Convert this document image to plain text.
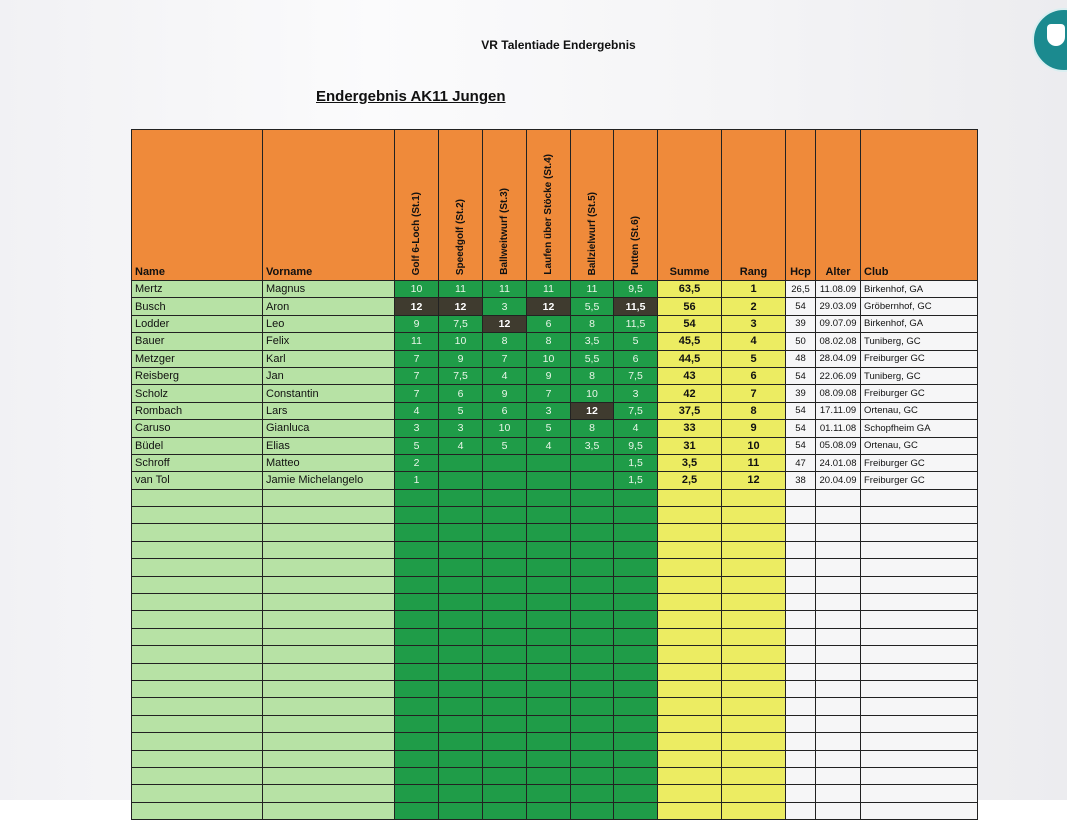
VR Talentiade Endergebnis
Endergebnis AK11 Jungen
Name	Vorname	Golf 6-Loch (St.1)	Speedgolf (St.2)	Ballweitwurf (St.3)	Laufen über Stöcke (St.4)	Ballzielwurf (St.5)	Putten (St.6)	Summe	Rang	Hcp	Alter	Club
Mertz	Magnus	10	11	11	11	11	9,5	63,5	1	26,5	11.08.09	Birkenhof, GA
Busch	Aron	12	12	3	12	5,5	11,5	56	2	54	29.03.09	Gröbernhof, GC
Lodder	Leo	9	7,5	12	6	8	11,5	54	3	39	09.07.09	Birkenhof, GA
Bauer	Felix	11	10	8	8	3,5	5	45,5	4	50	08.02.08	Tuniberg, GC
Metzger	Karl	7	9	7	10	5,5	6	44,5	5	48	28.04.09	Freiburger GC
Reisberg	Jan	7	7,5	4	9	8	7,5	43	6	54	22.06.09	Tuniberg, GC
Scholz	Constantin	7	6	9	7	10	3	42	7	39	08.09.08	Freiburger GC
Rombach	Lars	4	5	6	3	12	7,5	37,5	8	54	17.11.09	Ortenau, GC
Caruso	Gianluca	3	3	10	5	8	4	33	9	54	01.11.08	Schopfheim GA
Büdel	Elias	5	4	5	4	3,5	9,5	31	10	54	05.08.09	Ortenau, GC
Schroff	Matteo	2					1,5	3,5	11	47	24.01.08	Freiburger GC
van Tol	Jamie Michelangelo	1					1,5	2,5	12	38	20.04.09	Freiburger GC
